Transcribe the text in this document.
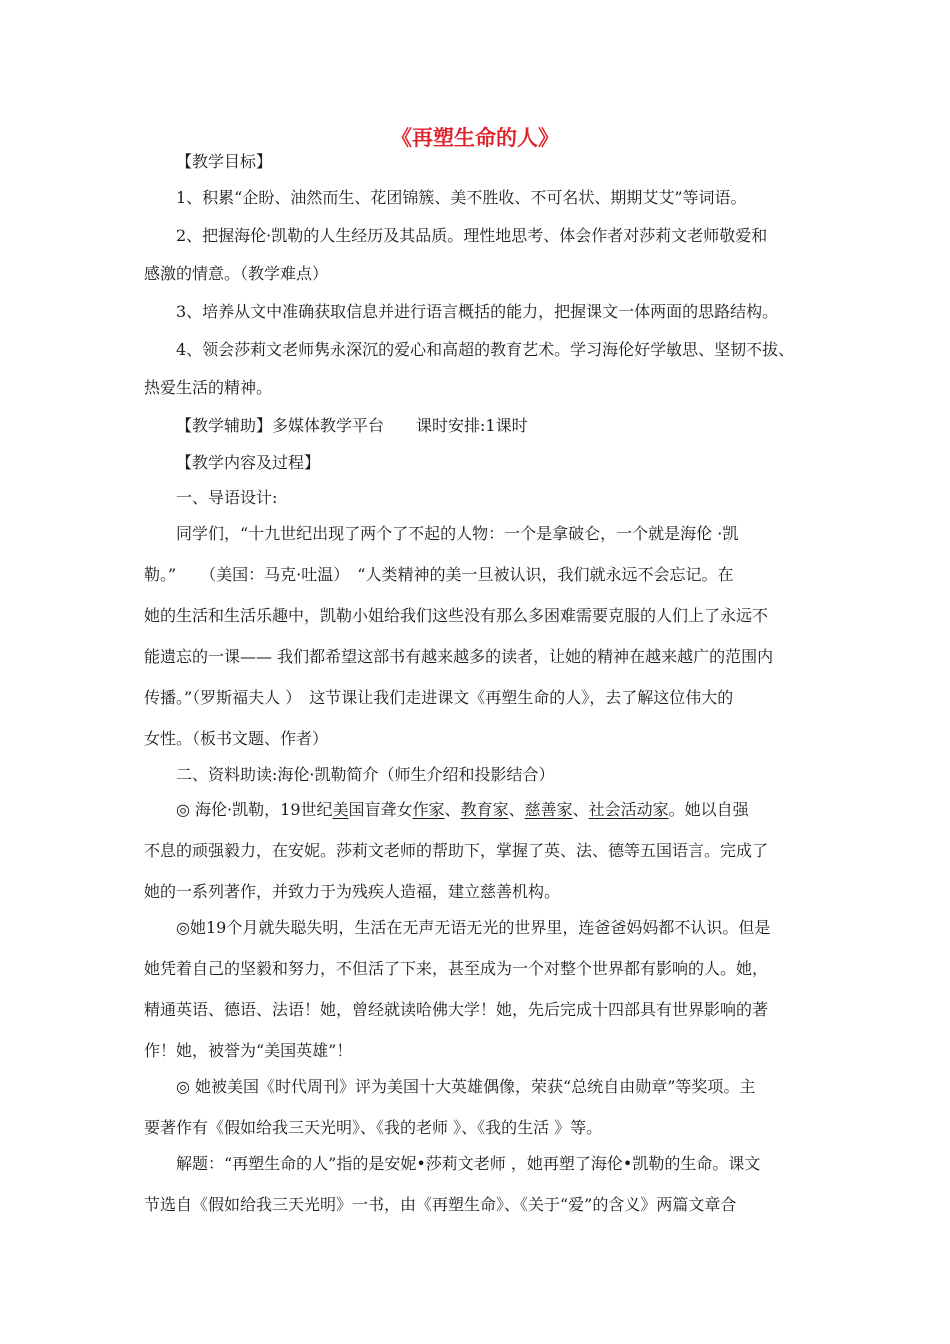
《再塑生命的人》
【教学目标】
1、积累“企盼、油然而生、花团锦簇、美不胜收、不可名状、期期艾艾”等词语。
2、把握海伦·凯勒的人生经历及其品质。理性地思考、体会作者对莎莉文老师敬爱和
感激的情意。（教学难点）
3、培养从文中准确获取信息并进行语言概括的能力，把握课文一体两面的思路结构。
4、领会莎莉文老师隽永深沉的爱心和高超的教育艺术。学习海伦好学敏思、坚韧不拔、
热爱生活的精神。
【教学辅助】多媒体教学平台　　课时安排:1课时
【教学内容及过程】
一、导语设计:
同学们，“十九世纪出现了两个了不起的人物：一个是拿破仑，一个就是海伦 ·凯
勒。”　　（美国：马克·吐温）　“人类精神的美一旦被认识，我们就永远不会忘记。在
她的生活和生活乐趣中，凯勒小姐给我们这些没有那么多困难需要克服的人们上了永远不
能遗忘的一课—— 我们都希望这部书有越来越多的读者，让她的精神在越来越广的范围内
传播。”（罗斯福夫人 ）　这节课让我们走进课文《再塑生命的人》，去了解这位伟大的
女性。（板书文题、作者）
二、资料助读:海伦·凯勒简介（师生介绍和投影结合）
◎ 海伦·凯勒，19世纪美国盲聋女作家、教育家、慈善家、社会活动家。她以自强
不息的顽强毅力，在安妮。莎莉文老师的帮助下，掌握了英、法、德等五国语言。完成了
她的一系列著作，并致力于为残疾人造福，建立慈善机构。
◎她19个月就失聪失明，生活在无声无语无光的世界里，连爸爸妈妈都不认识。但是
她凭着自己的坚毅和努力，不但活了下来，甚至成为一个对整个世界都有影响的人。她，
精通英语、德语、法语！她，曾经就读哈佛大学！她，先后完成十四部具有世界影响的著
作！她，被誉为“美国英雄”！
◎ 她被美国《时代周刊》评为美国十大英雄偶像，荣获“总统自由勋章”等奖项。主
要著作有《假如给我三天光明》、《我的老师 》、《我的生活 》等。
解题：“再塑生命的人”指的是安妮•莎莉文老师 ，她再塑了海伦•凯勒的生命。课文
节选自《假如给我三天光明》一书，由《再塑生命》、《关于“爱”的含义》两篇文章合
